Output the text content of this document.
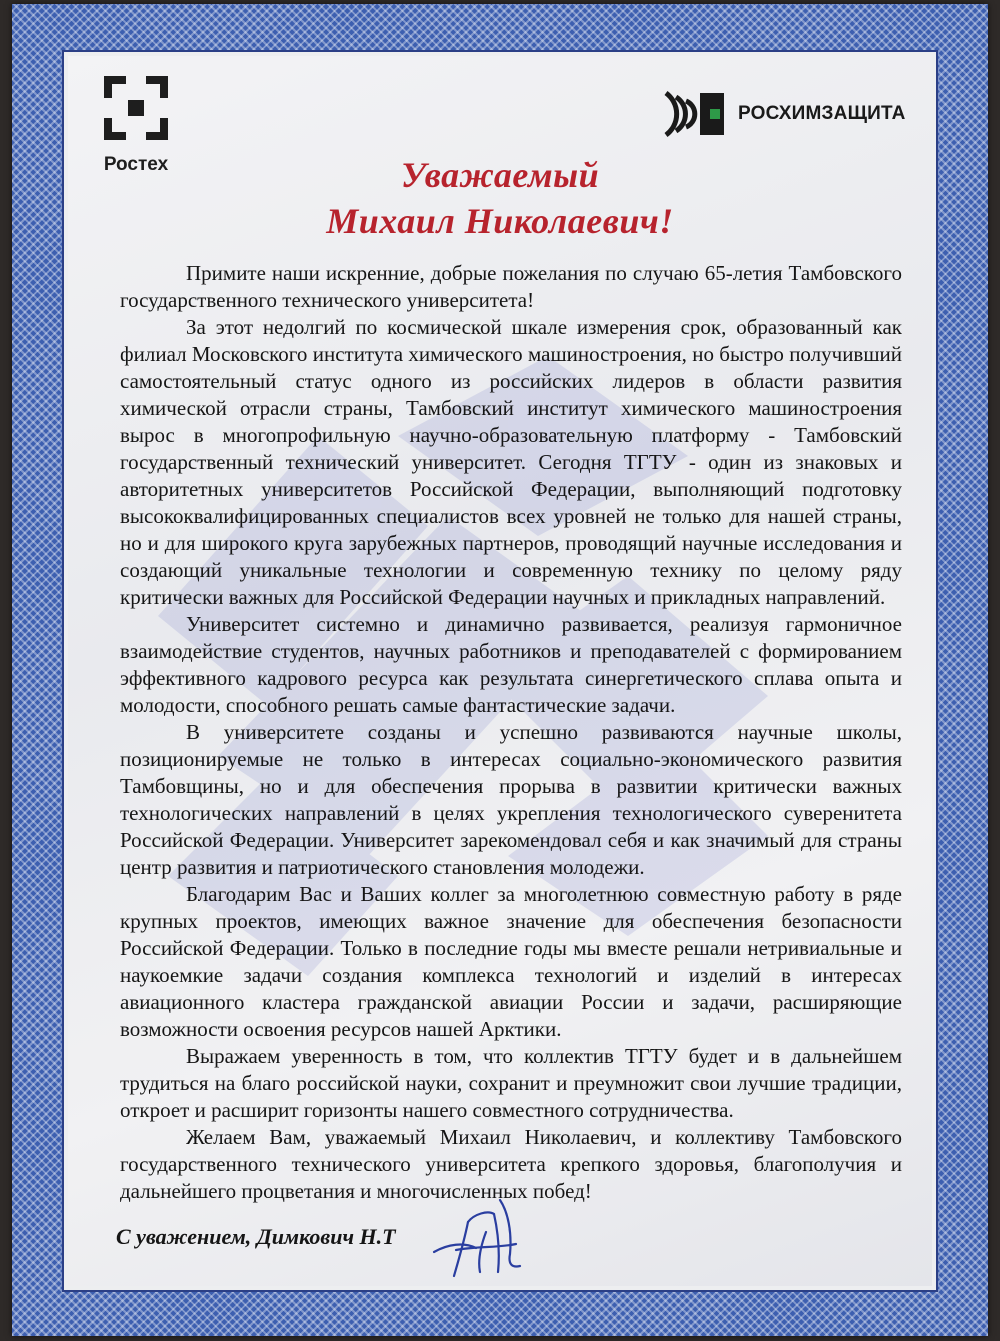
Ростех
РОСХИМЗАЩИТА
Уважаемый
Михаил Николаевич!

Примите наши искренние, добрые пожелания по случаю 65-летия Тамбовского государственного технического университета!

За этот недолгий по космической шкале измерения срок, образованный как филиал Московского института химического машиностроения, но быстро получивший самостоятельный статус одного из российских лидеров в области развития химической отрасли страны, Тамбовский институт химического машиностроения вырос в многопрофильную научно-образовательную платформу - Тамбовский государственный технический университет. Сегодня ТГТУ - один из знаковых и авторитетных университетов Российской Федерации, выполняющий подготовку высококвалифицированных специалистов всех уровней не только для нашей страны, но и для широкого круга зарубежных партнеров, проводящий научные исследования и создающий уникальные технологии и современную технику по целому ряду критически важных для Российской Федерации научных и прикладных направлений.

Университет системно и динамично развивается, реализуя гармоничное взаимодействие студентов, научных работников и преподавателей с формированием эффективного кадрового ресурса как результата синергетического сплава опыта и молодости, способного решать самые фантастические задачи.

В университете созданы и успешно развиваются научные школы, позиционируемые не только в интересах социально-экономического развития Тамбовщины, но и для обеспечения прорыва в развитии критически важных технологических направлений в целях укрепления технологического суверенитета Российской Федерации. Университет зарекомендовал себя и как значимый для страны центр развития и патриотического становления молодежи.

Благодарим Вас и Ваших коллег за многолетнюю совместную работу в ряде крупных проектов, имеющих важное значение для обеспечения безопасности Российской Федерации. Только в последние годы мы вместе решали нетривиальные и наукоемкие задачи создания комплекса технологий и изделий в интересах авиационного кластера гражданской авиации России и задачи, расширяющие возможности освоения ресурсов нашей Арктики.

Выражаем уверенность в том, что коллектив ТГТУ будет и в дальнейшем трудиться на благо российской науки, сохранит и преумножит свои лучшие традиции, откроет и расширит горизонты нашего совместного сотрудничества.

Желаем Вам, уважаемый Михаил Николаевич, и коллективу Тамбовского государственного технического университета крепкого здоровья, благополучия и дальнейшего процветания и многочисленных побед!

С уважением, Димкович Н.Т
